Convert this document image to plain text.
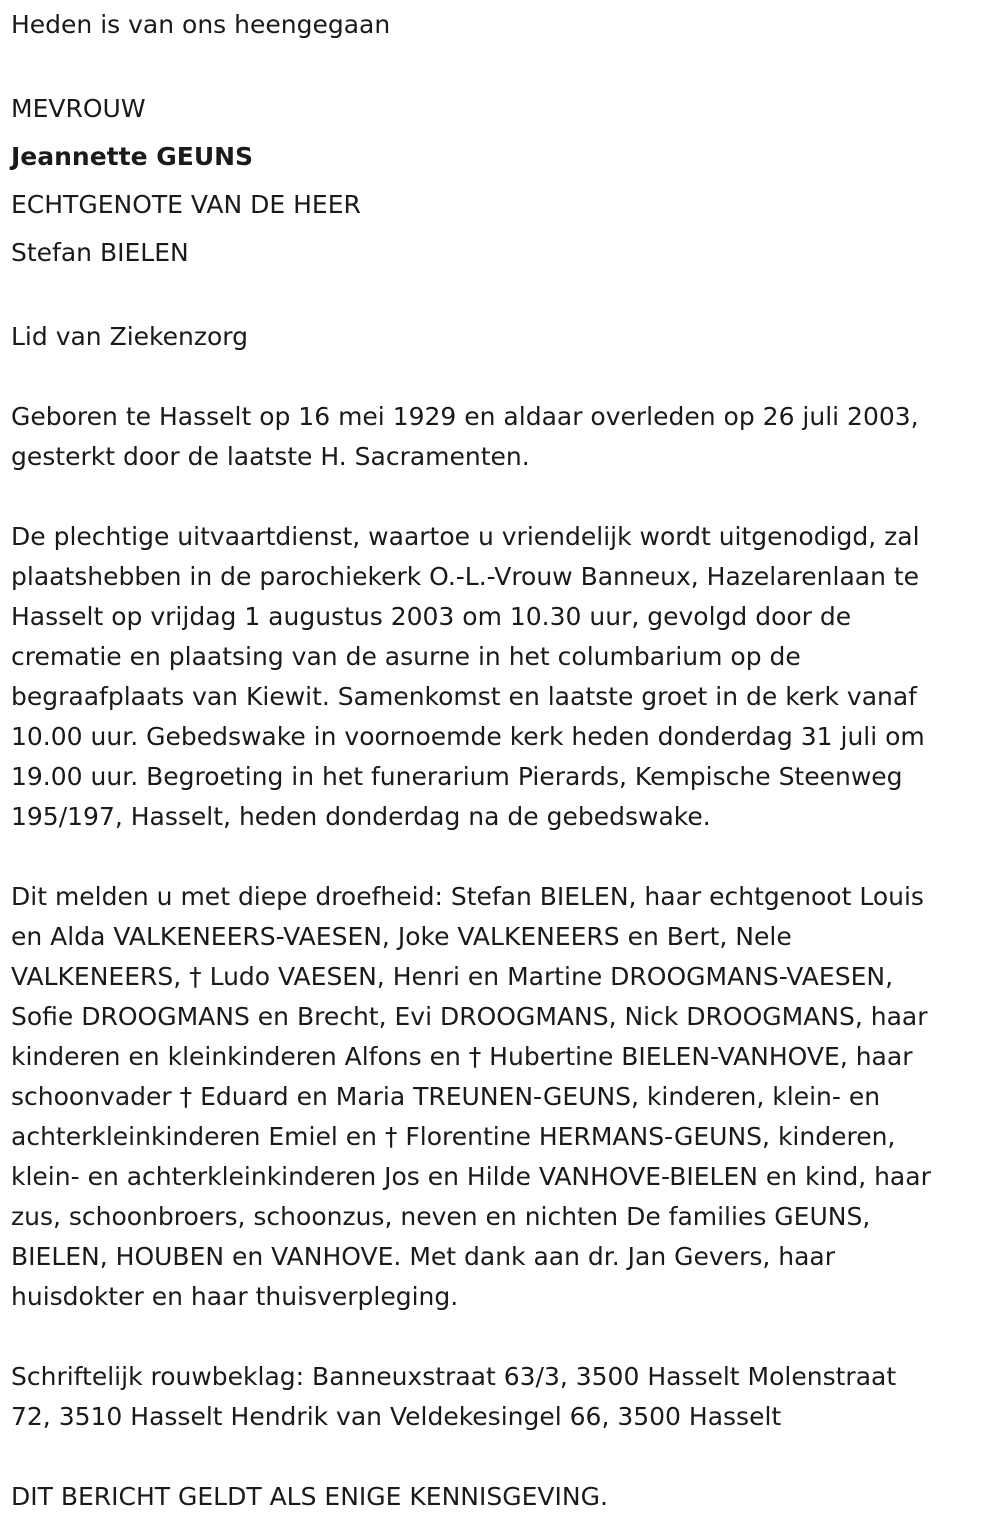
Heden is van ons heengegaan
MEVROUW
Jeannette GEUNS
ECHTGENOTE VAN DE HEER
Stefan BIELEN
Lid van Ziekenzorg
Geboren te Hasselt op 16 mei 1929 en aldaar overleden op 26 juli 2003,
gesterkt door de laatste H. Sacramenten.
De plechtige uitvaartdienst, waartoe u vriendelijk wordt uitgenodigd, zal
plaatshebben in de parochiekerk O.-L.-Vrouw Banneux, Hazelarenlaan te
Hasselt op vrijdag 1 augustus 2003 om 10.30 uur, gevolgd door de
crematie en plaatsing van de asurne in het columbarium op de
begraafplaats van Kiewit. Samenkomst en laatste groet in de kerk vanaf
10.00 uur. Gebedswake in voornoemde kerk heden donderdag 31 juli om
19.00 uur. Begroeting in het funerarium Pierards, Kempische Steenweg
195/197, Hasselt, heden donderdag na de gebedswake.
Dit melden u met diepe droefheid: Stefan BIELEN, haar echtgenoot Louis
en Alda VALKENEERS-VAESEN, Joke VALKENEERS en Bert, Nele
VALKENEERS, † Ludo VAESEN, Henri en Martine DROOGMANS-VAESEN,
Sofie DROOGMANS en Brecht, Evi DROOGMANS, Nick DROOGMANS, haar
kinderen en kleinkinderen Alfons en † Hubertine BIELEN-VANHOVE, haar
schoonvader † Eduard en Maria TREUNEN-GEUNS, kinderen, klein- en
achterkleinkinderen Emiel en † Florentine HERMANS-GEUNS, kinderen,
klein- en achterkleinkinderen Jos en Hilde VANHOVE-BIELEN en kind, haar
zus, schoonbroers, schoonzus, neven en nichten De families GEUNS,
BIELEN, HOUBEN en VANHOVE. Met dank aan dr. Jan Gevers, haar
huisdokter en haar thuisverpleging.
Schriftelijk rouwbeklag: Banneuxstraat 63/3, 3500 Hasselt Molenstraat
72, 3510 Hasselt Hendrik van Veldekesingel 66, 3500 Hasselt
DIT BERICHT GELDT ALS ENIGE KENNISGEVING.
